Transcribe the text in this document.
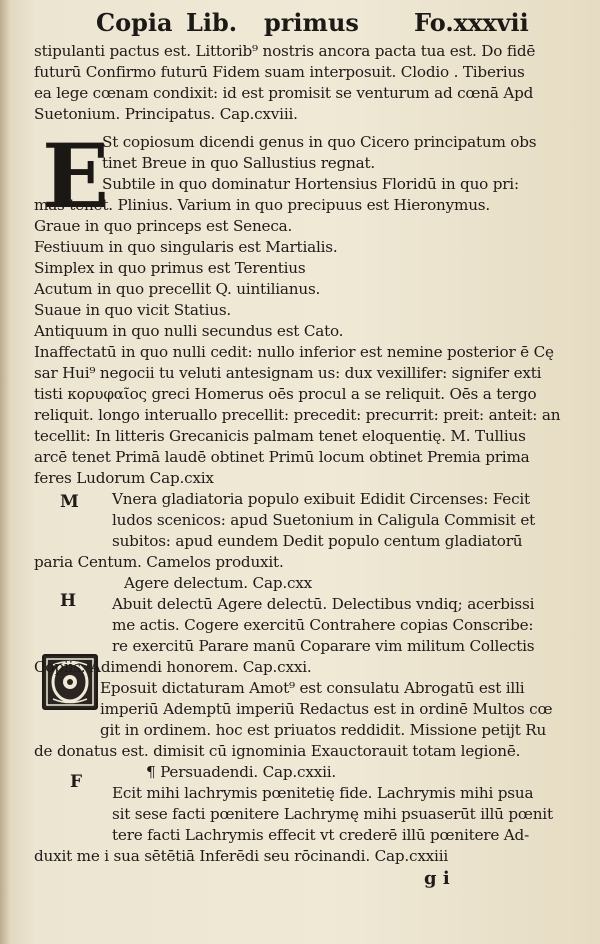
Copia Lib. primus Fo.xxxvii
E
M
H
F
stipulanti pactus est. Littorib⁹ nostris ancora pacta tua est. Do fidē
futurū Confirmo futurū Fidem suam interposuit. Clodio . Tiberius
ea lege cœnam condixit: id est promisit se venturum ad cœnā Apd
Suetonium. Principatus. Cap.cxviii.
St copiosum dicendi genus in quo Cicero principatum obs
tinet Breue in quo Sallustius regnat.
Subtile in quo dominatur Hortensius Floridū in quo pri:
mas tenet. Plinius. Varium in quo precipuus est Hieronymus.
Graue in quo princeps est Seneca.
Festiuum in quo singularis est Martialis.
Simplex in quo primus est Terentius
Acutum in quo precellit Q. uintilianus.
Suaue in quo vicit Statius.
Antiquum in quo nulli secundus est Cato.
Inaffectatū in quo nulli cedit: nullo inferior est nemine posterior ē Cę
sar Hui⁹ negocii tu veluti antesignam us: dux vexillifer: signifer exti
tisti κορυφαῖος greci Homerus oēs procul a se reliquit. Oēs a tergo
reliquit. longo interuallo precellit: precedit: precurrit: preit: anteit: an
tecellit: In litteris Grecanicis palmam tenet eloquentię. M. Tullius
arcē tenet Primā laudē obtinet Primū locum obtinet Premia prima
feres Ludorum Cap.cxix
Vnera gladiatoria populo exibuit Edidit Circenses: Fecit
ludos scenicos: apud Suetonium in Caligula Commisit et
subitos: apud eundem Dedit populo centum gladiatorū
paria Centum. Camelos produxit.
Agere delectum. Cap.cxx
Abuit delectū Agere delectū. Delectibus vndiq; acerbissi
me actis. Cogere exercitū Contrahere copias Conscribe:
re exercitū Parare manū Coparare vim militum Collectis
Copiis. Adimendi honorem. Cap.cxxi.
Eposuit dictaturam Amot⁹ est consulatu Abrogatū est illi
imperiū Ademptū imperiū Redactus est in ordinē Multos cœ
git in ordinem. hoc est priuatos reddidit. Missione petijt Ru
de donatus est. dimisit cū ignominia Exauctorauit totam legionē.
¶ Persuadendi. Cap.cxxii.
Ecit mihi lachrymis pœnitetię fide. Lachrymis mihi psua
sit sese facti pœnitere Lachrymę mihi psuaserūt illū pœnit
tere facti Lachrymis effecit vt crederē illū pœnitere Ad-
duxit me i sua sētētiā Inferēdi seu rōcinandi. Cap.cxxiii
g i
